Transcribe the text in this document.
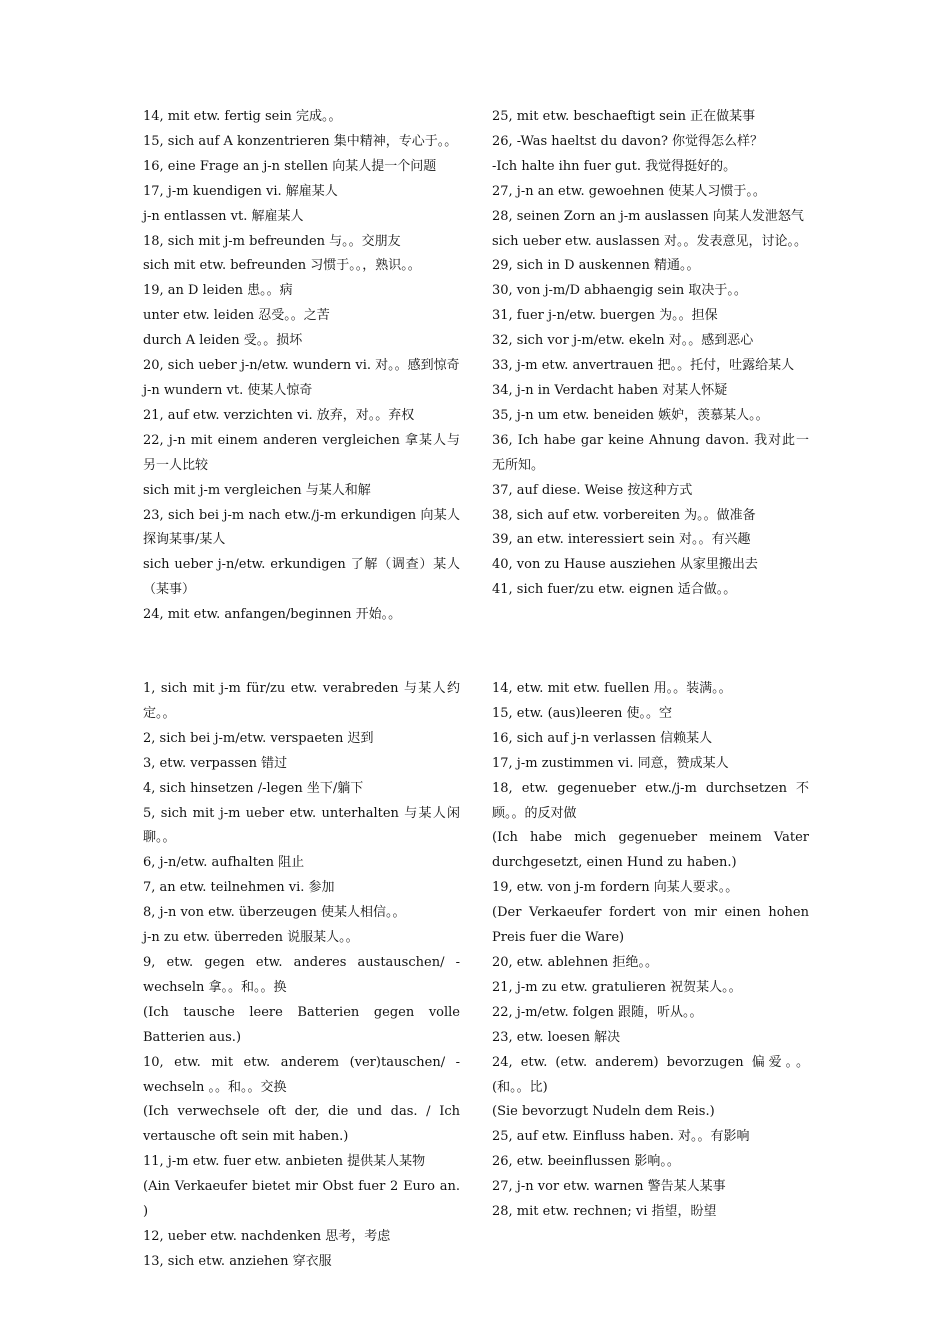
14, mit etw. fertig sein 完成。。
15, sich auf A konzentrieren 集中精神，专心于。。
16, eine Frage an j-n stellen 向某人提一个问题
17, j-m kuendigen vi. 解雇某人
j-n entlassen vt. 解雇某人
18, sich mit j-m befreunden 与。。交朋友
sich mit etw. befreunden 习惯于。。，熟识。。
19, an D leiden 患。。病
unter etw. leiden 忍受。。之苦
durch A leiden 受。。损坏
20, sich ueber j-n/etw. wundern vi. 对。。感到惊奇
j-n wundern vt. 使某人惊奇
21, auf etw. verzichten vi. 放弃，对。。弃权
22, j-n mit einem anderen vergleichen 拿某人与另一人比较
sich mit j-m vergleichen 与某人和解
23, sich bei j-m nach etw./j-m erkundigen 向某人探询某事/某人
sich ueber j-n/etw. erkundigen 了解（调查）某人（某事）
24, mit etw. anfangen/beginnen 开始。。
25, mit etw. beschaeftigt sein 正在做某事
26, -Was haeltst du davon? 你觉得怎么样？
-Ich halte ihn fuer gut. 我觉得挺好的。
27, j-n an etw. gewoehnen 使某人习惯于。。
28, seinen Zorn an j-m auslassen 向某人发泄怒气
sich ueber etw. auslassen 对。。发表意见，讨论。。
29, sich in D auskennen 精通。。
30, von j-m/D abhaengig sein 取决于。。
31, fuer j-n/etw. buergen 为。。担保
32, sich vor j-m/etw. ekeln 对。。感到恶心
33, j-m etw. anvertrauen 把。。托付，吐露给某人
34, j-n in Verdacht haben 对某人怀疑
35, j-n um etw. beneiden 嫉妒，羡慕某人。。
36, Ich habe gar keine Ahnung davon. 我对此一无所知。
37, auf diese. Weise 按这种方式
38, sich auf etw. vorbereiten 为。。做准备
39, an etw. interessiert sein 对。。有兴趣
40, von zu Hause ausziehen 从家里搬出去
41, sich fuer/zu etw. eignen 适合做。。
1, sich mit j-m für/zu etw. verabreden 与某人约定。。
2, sich bei j-m/etw. verspaeten 迟到
3, etw. verpassen 错过
4, sich hinsetzen /-legen 坐下/躺下
5, sich mit j-m ueber etw. unterhalten 与某人闲聊。。
6, j-n/etw. aufhalten 阻止
7, an etw. teilnehmen vi. 参加
8, j-n von etw. überzeugen 使某人相信。。
j-n zu etw. überreden 说服某人。。
9, etw. gegen etw. anderes austauschen/ -wechseln 拿。。和。。换
(Ich tausche leere Batterien gegen volle Batterien aus.)
10, etw. mit etw. anderem (ver)tauschen/ -wechseln 。。和。。交换
(Ich verwechsele oft der, die und das. / Ich vertausche oft sein mit haben.)
11, j-m etw. fuer etw. anbieten 提供某人某物
(Ain Verkaeufer bietet mir Obst fuer 2 Euro an. )
12, ueber etw. nachdenken 思考，考虑
13, sich etw. anziehen 穿衣服
14, etw. mit etw. fuellen 用。。装满。。
15, etw. (aus)leeren 使。。空
16, sich auf j-n verlassen 信赖某人
17, j-m zustimmen vi. 同意，赞成某人
18, etw. gegenueber etw./j-m durchsetzen 不顾。。的反对做
(Ich habe mich gegenueber meinem Vater durchgesetzt, einen Hund zu haben.)
19, etw. von j-m fordern 向某人要求。。
(Der Verkaeufer fordert von mir einen hohen Preis fuer die Ware)
20, etw. ablehnen 拒绝。。
21, j-m zu etw. gratulieren 祝贺某人。。
22, j-m/etw. folgen 跟随，听从。。
23, etw. loesen 解决
24, etw. (etw. anderem) bevorzugen 偏爱。。(和。。比)
(Sie bevorzugt Nudeln dem Reis.)
25, auf etw. Einfluss haben. 对。。有影响
26, etw. beeinflussen 影响。。
27, j-n vor etw. warnen 警告某人某事
28, mit etw. rechnen; vi 指望，盼望
